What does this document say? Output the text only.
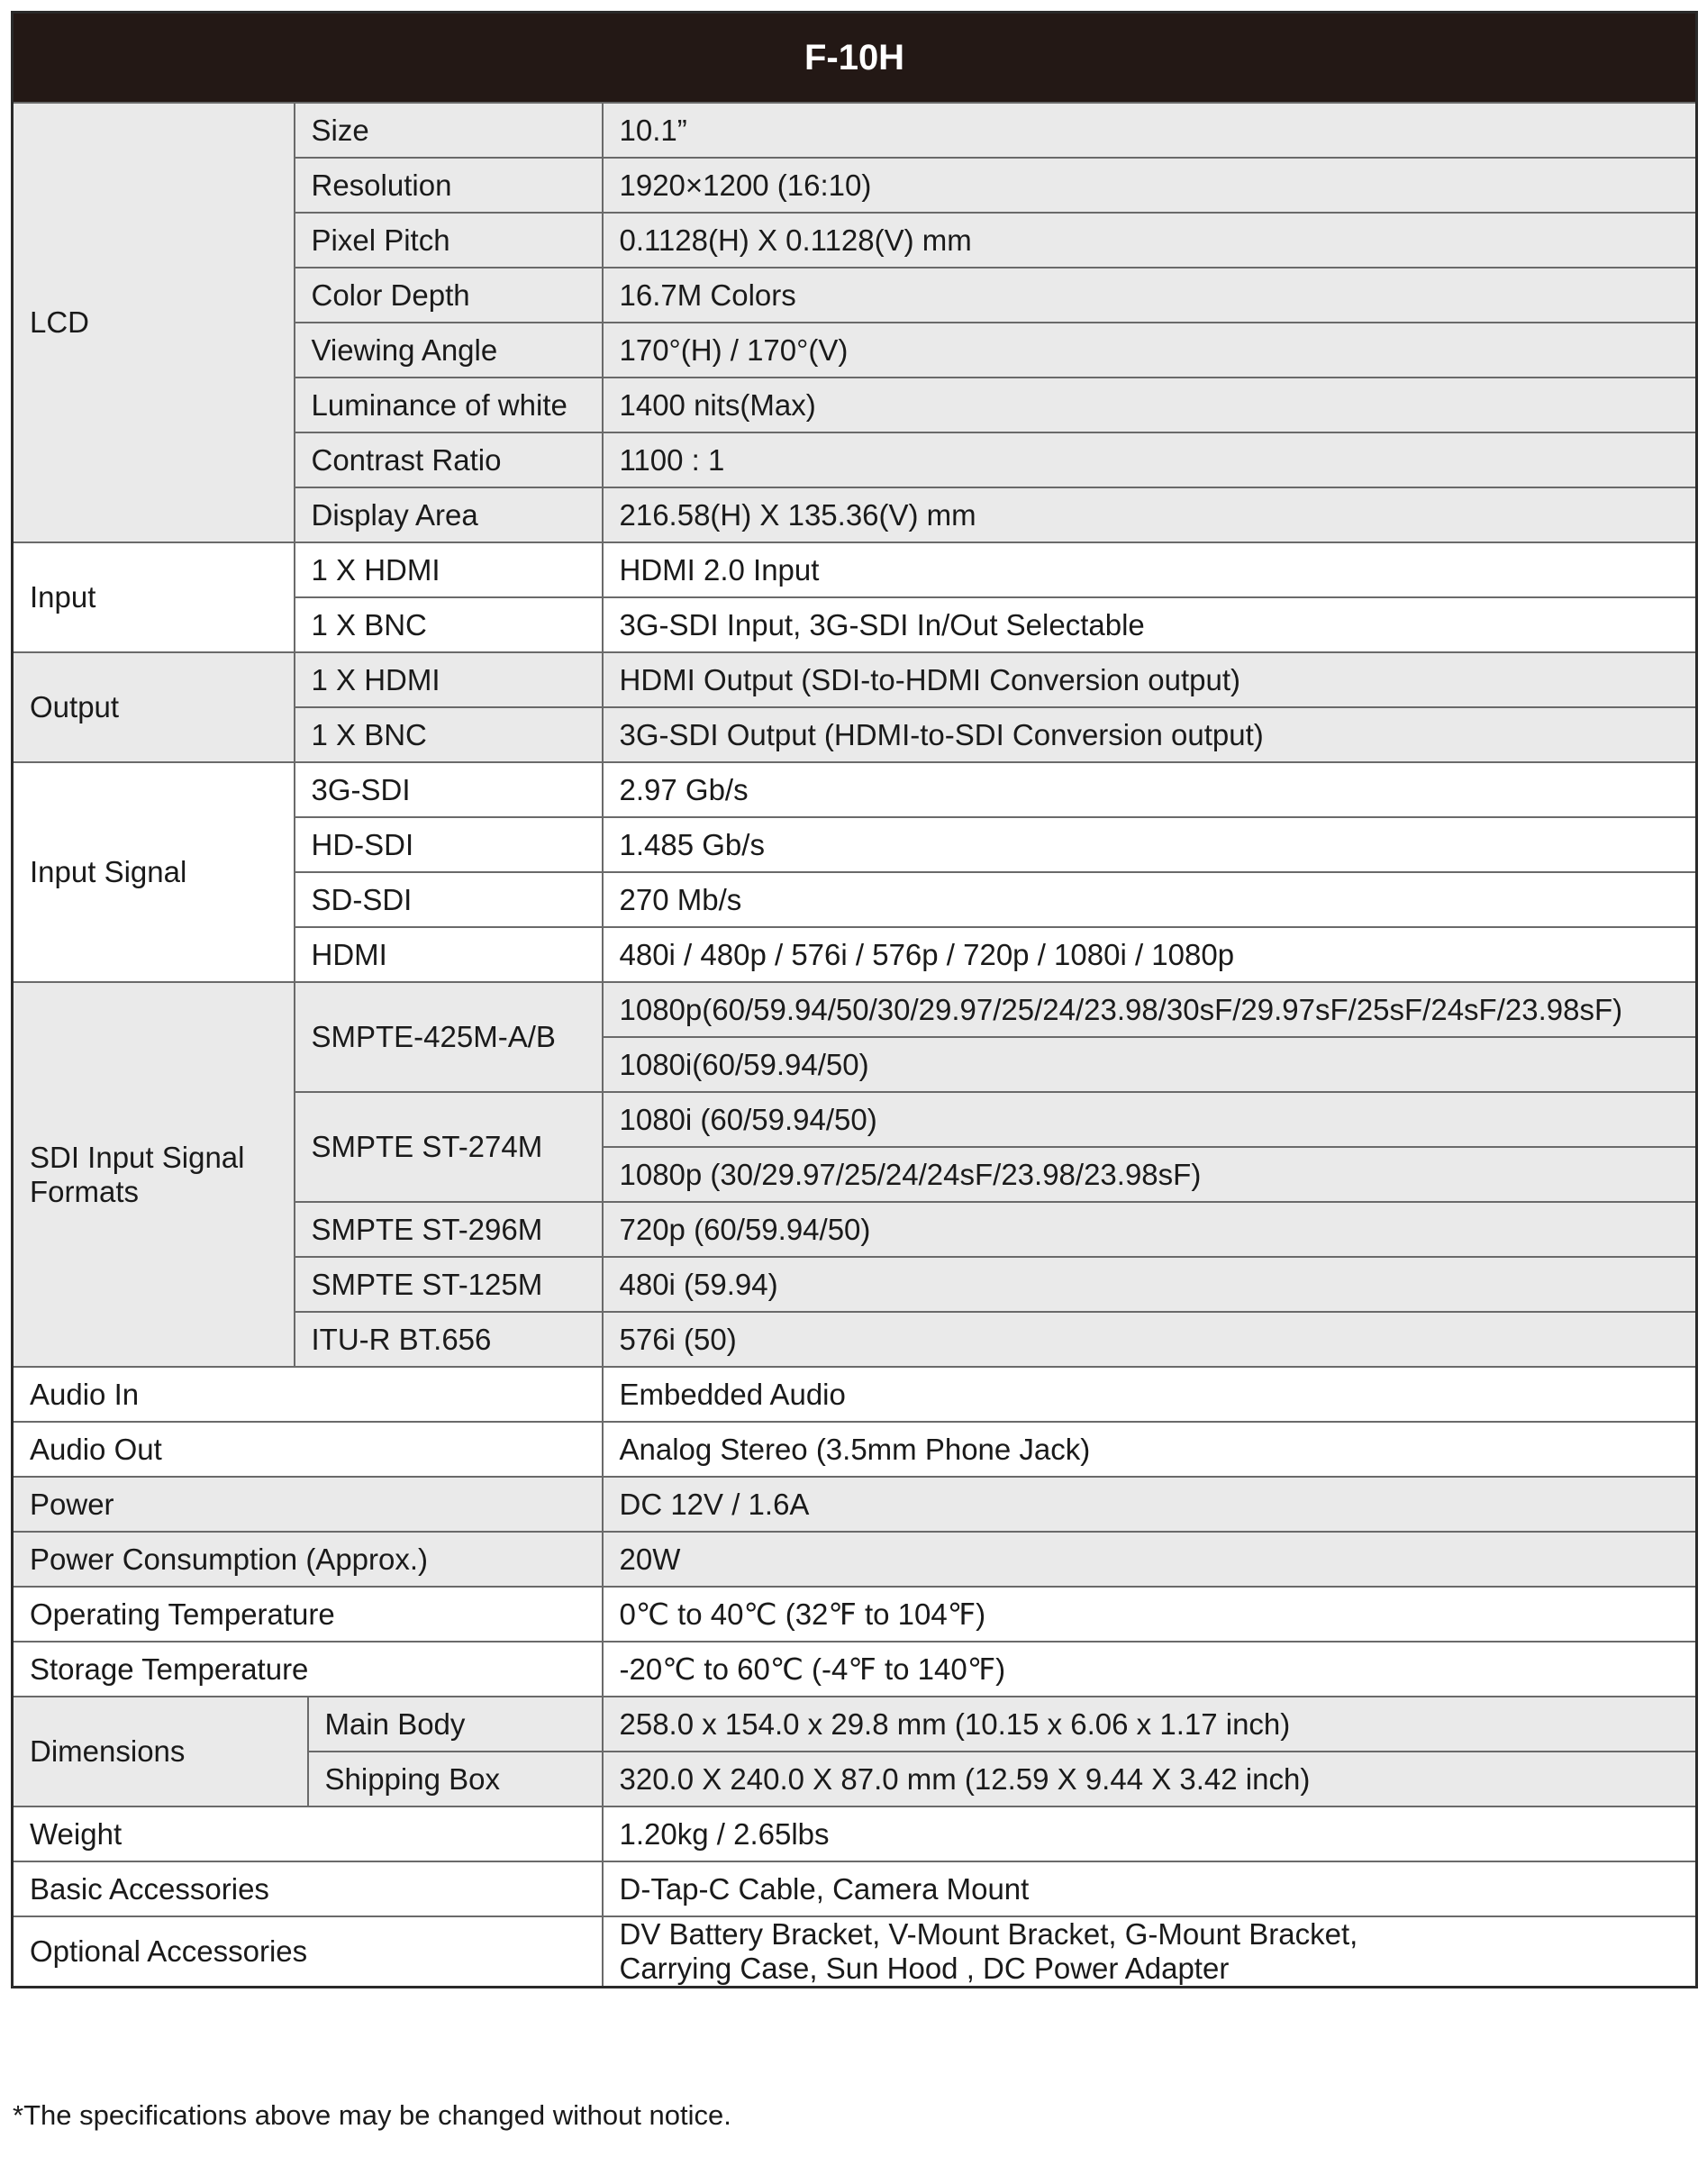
F-10H			
LCD	Size		10.1”
	Resolution		1920×1200 (16:10)
	Pixel Pitch		0.1128(H) X 0.1128(V) mm
	Color Depth		16.7M Colors
	Viewing Angle		170°(H) / 170°(V)
	Luminance of white		1400 nits(Max)
	Contrast Ratio		1100 : 1
	Display Area		216.58(H) X 135.36(V) mm
Input	1 X HDMI		HDMI 2.0 Input
	1 X BNC		3G-SDI Input, 3G-SDI In/Out Selectable
Output	1 X HDMI		HDMI Output (SDI-to-HDMI Conversion output)
	1 X BNC		3G-SDI Output (HDMI-to-SDI Conversion output)
Input Signal	3G-SDI		2.97 Gb/s
	HD-SDI		1.485 Gb/s
	SD-SDI		270 Mb/s
	HDMI		480i / 480p / 576i / 576p / 720p / 1080i / 1080p
SDI Input Signal
Formats	SMPTE-425M-A/B		1080p(60/59.94/50/30/29.97/25/24/23.98/30sF/29.97sF/25sF/24sF/23.98sF)
			1080i(60/59.94/50)
	SMPTE ST-274M		1080i (60/59.94/50)
			1080p (30/29.97/25/24/24sF/23.98/23.98sF)
	SMPTE ST-296M		720p (60/59.94/50)
	SMPTE ST-125M		480i (59.94)
	ITU-R BT.656		576i (50)
Audio In			Embedded Audio
Audio Out			Analog Stereo (3.5mm Phone Jack)
Power			DC 12V / 1.6A
Power Consumption (Approx.)			20W
Operating Temperature			0℃ to 40℃ (32℉ to 104℉)
Storage Temperature			-20℃ to 60℃ (-4℉ to 140℉)
Dimensions		Main Body	258.0 x 154.0 x 29.8 mm (10.15 x 6.06 x 1.17 inch)
		Shipping Box	320.0 X 240.0 X 87.0 mm (12.59 X 9.44 X 3.42 inch)
Weight			1.20kg / 2.65lbs
Basic Accessories			D-Tap-C Cable, Camera Mount
Optional Accessories			DV Battery Bracket, V-Mount Bracket, G-Mount Bracket,
Carrying Case, Sun Hood , DC Power Adapter
*The specifications above may be changed without notice.
